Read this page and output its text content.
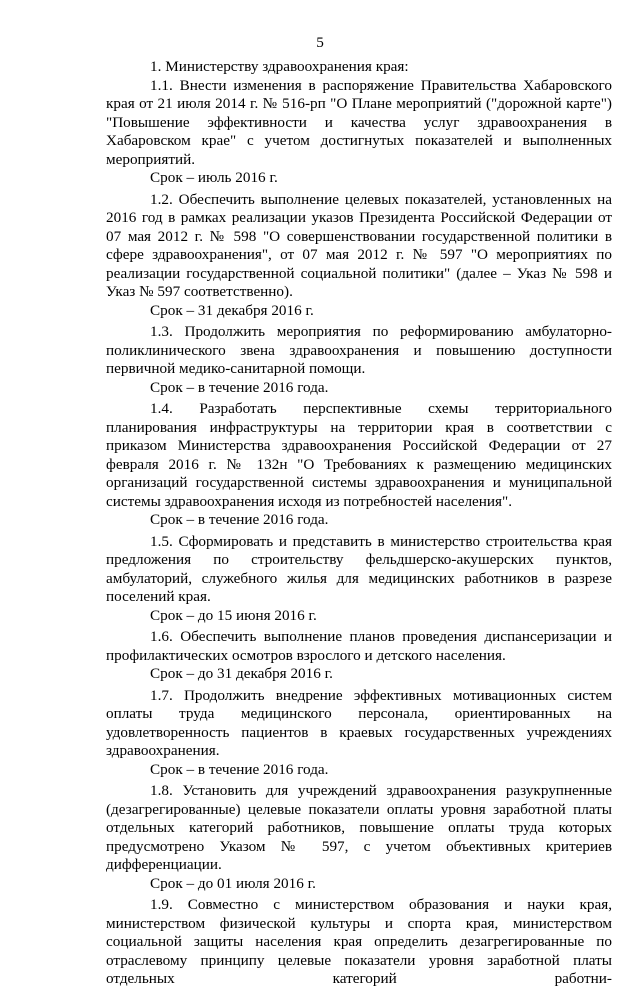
5

1. Министерству здравоохранения края:

1.1. Внести изменения в распоряжение Правительства Хабаровского края от 21 июля 2014 г. № 516-рп "О Плане мероприятий ("дорожной карте") "Повышение эффективности и качества услуг здравоохранения в Хабаровском крае" с учетом достигнутых показателей и выполненных мероприятий.

Срок – июль 2016 г.

1.2. Обеспечить выполнение целевых показателей, установленных на 2016 год в рамках реализации указов Президента Российской Федерации от 07 мая 2012 г. № 598 "О совершенствовании государственной политики в сфере здравоохранения", от 07 мая 2012 г. № 597 "О мероприятиях по реализации государственной социальной политики" (далее – Указ № 598 и Указ № 597 соответственно).

Срок – 31 декабря 2016 г.

1.3. Продолжить мероприятия по реформированию амбулаторно-поликлинического звена здравоохранения и повышению доступности первичной медико-санитарной помощи.

Срок – в течение 2016 года.

1.4. Разработать перспективные схемы территориального планирования инфраструктуры на территории края в соответствии с приказом Министерства здравоохранения Российской Федерации от 27 февраля 2016 г. № 132н "О Требованиях к размещению медицинских организаций государственной системы здравоохранения и муниципальной системы здравоохранения исходя из потребностей населения".

Срок – в течение 2016 года.

1.5. Сформировать и представить в министерство строительства края предложения по строительству фельдшерско-акушерских пунктов, амбулаторий, служебного жилья для медицинских работников в разрезе поселений края.

Срок – до 15 июня 2016 г.

1.6. Обеспечить выполнение планов проведения диспансеризации и профилактических осмотров взрослого и детского населения.

Срок – до 31 декабря 2016 г.

1.7. Продолжить внедрение эффективных мотивационных систем оплаты труда медицинского персонала, ориентированных на удовлетворенность пациентов в краевых государственных учреждениях здравоохранения.

Срок – в течение 2016 года.

1.8. Установить для учреждений здравоохранения разукрупненные (дезагрегированные) целевые показатели оплаты уровня заработной платы отдельных категорий работников, повышение оплаты труда которых предусмотрено Указом № 597, с учетом объективных критериев дифференциации.

Срок – до 01 июля 2016 г.

1.9. Совместно с министерством образования и науки края, министерством физической культуры и спорта края, министерством социальной защиты населения края определить дезагрегированные по отраслевому принципу целевые показатели уровня заработной платы отдельных категорий работни-
